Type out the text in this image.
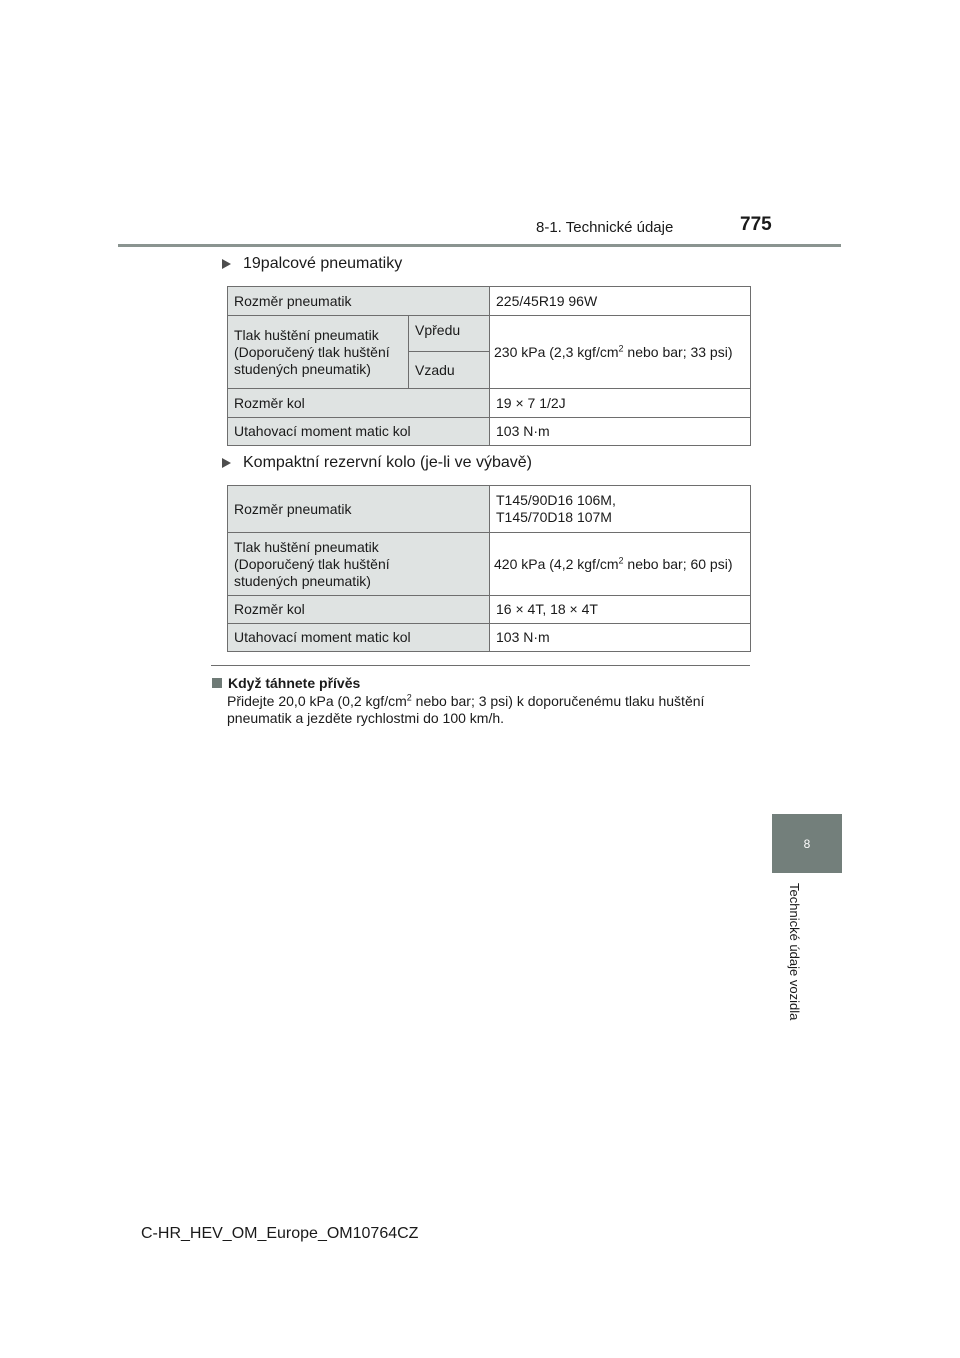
8-1. Technické údaje	775
19palcové pneumatiky
Rozměr pneumatik		225/45R19 96W
Tlak huštění pneumatik (Doporučený tlak huštění studených pneumatik)	Vpředu	230 kPa (2,3 kgf/$cm^2$ nebo bar; 33 psi)
	Vzadu	
Rozměr kol		19 × 7 1/2J
Utahovací moment matic kol		103 N·m
Kompaktní rezervní kolo (je-li ve výbavě)
Rozměr pneumatik	T145/90D16 106M,
T145/70D18 107M

Tlak huštění pneumatik (Doporučený tlak huštění studených pneumatik)	420 kPa (4,2 kgf/$cm^2$ nebo bar; 60 psi)
Rozměr kol	16 × 4T, 18 × 4T
Utahovací moment matic kol	103 N·m
Když táhnete přívěs
Přidejte 20,0 kPa (0,2 kgf/$cm^2$ nebo bar; 3 psi) k doporučenému tlaku huštění pneumatik a jezděte rychlostmi do 100 km/h.
8
Technické údaje vozidla
C-HR_HEV_OM_Europe_OM10764CZ
